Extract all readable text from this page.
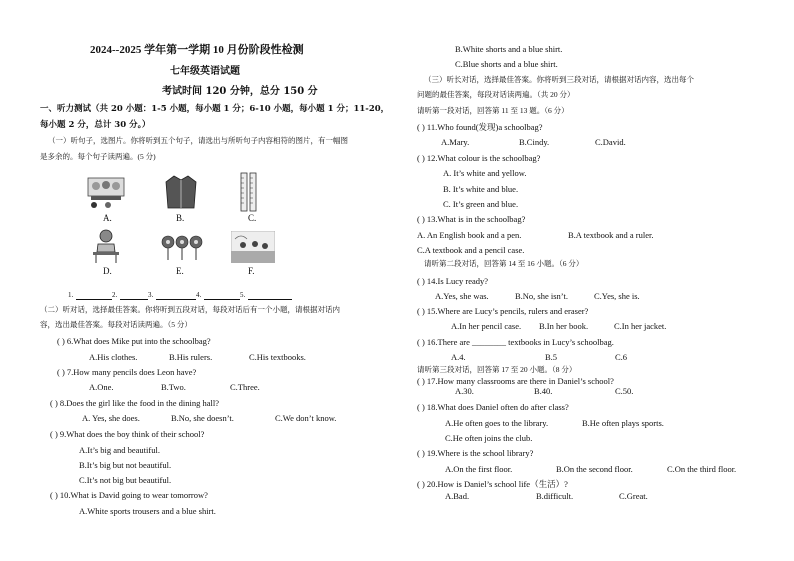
2024--2025 学年第一学期 10 月份阶段性检测
七年级英语试题
考试时间 120 分钟，总分 150 分
一、听力测试（共 20 小题：1-5 小题，每小题 1 分；6-10 小题，每小题 1 分；11-20，
每小题 2 分，总计 30 分。）
（一）听句子，选图片。你将听到五个句子，请选出与所听句子内容相符的图片，有一幅图
是多余的。每个句子读两遍。(5 分)
A.	B.	C.
D.	E.	F.
1.	2.	3.	4.	5.
（二）听对话，选择最佳答案。你将听到五段对话，每段对话后有一个小题，请根据对话内
容，选出最佳答案。每段对话读两遍。（5 分）
( ) 6.What does Mike put into the schoolbag?
A.His clothes.	B.His rulers.	C.His textbooks.
( ) 7.How many pencils does Leon have?
A.One.	B.Two.	C.Three.
( ) 8.Does the girl like the food in the dining hall?
A. Yes, she does.	B.No, she doesn’t.	C.We don’t know.
( ) 9.What does the boy think of their school?
A.It’s big and beautiful.
B.It’s big but not beautiful.
C.It’s not big but beautiful.
( ) 10.What is David going to wear tomorrow?
A.White sports trousers and a blue shirt.
B.White shorts and a blue shirt.
C.Blue shorts and a blue shirt.
（三）听长对话，选择最佳答案。你将听到三段对话，请根据对话内容，选出每个
问题的最佳答案，每段对话读两遍。（共 20 分）
请听第一段对话，回答第 11 至 13 题。（6 分）
( ) 11.Who found(发现)a schoolbag?
A.Mary.	B.Cindy.	C.David.
( ) 12.What colour is the schoolbag?
A. It’s white and yellow.
B. It’s white and blue.
C. It’s green and blue.
( ) 13.What is in the schoolbag?
A. An English book and a pen.	B.A textbook and a ruler.
C.A textbook and a pencil case.
请听第二段对话，回答第 14 至 16 小题。（6 分）
( ) 14.Is Lucy ready?
A.Yes, she was.	B.No, she isn’t.	C.Yes, she is.
( ) 15.Where are Lucy’s pencils, rulers and eraser?
A.In her pencil case. B.In her book.	C.In her jacket.
( ) 16.There are ________ textbooks in Lucy’s schoolbag.
A.4.	B.5	C.6
请听第三段对话，回答第 17 至 20 小题。（8 分）
( ) 17.How many classrooms are there in Daniel’s school?
A.30.	B.40.	C.50.
( ) 18.What does Daniel often do after class?
A.He often goes to the library.	B.He often plays sports.
C.He often joins the club.
( ) 19.Where is the school library?
A.On the first floor.	B.On the second floor.	C.On the third floor.
( ) 20.How is Daniel’s school life（生活）?
A.Bad.	B.difficult.	C.Great.
